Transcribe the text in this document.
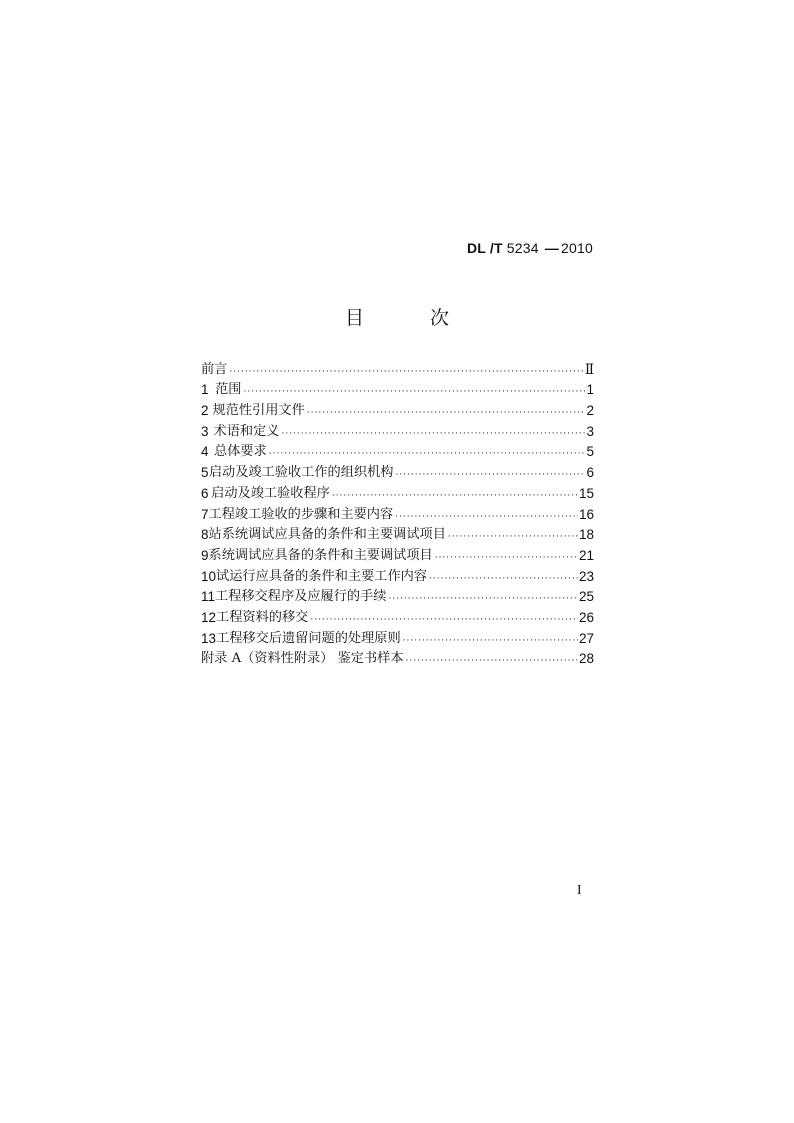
DL /T 5234 — 2010
目 次
前言 ·····	Ⅱ
1 范围 ·····	1
2 规范性引用文件 ·····	2
3 术语和定义 ·····	3
4 总体要求 ·····	5
5 启动及竣工验收工作的组织机构 ·····	6
6 启动及竣工验收程序 ·····	15
7 工程竣工验收的步骤和主要内容 ·····	16
8 站系统调试应具备的条件和主要调试项目 ·····	18
9 系统调试应具备的条件和主要调试项目 ·····	21
10 试运行应具备的条件和主要工作内容 ·····	23
11 工程移交程序及应履行的手续 ·····	25
12 工程资料的移交 ·····	26
13 工程移交后遗留问题的处理原则 ·····	27
附录 A（资料性附录） 鉴定书样本 ·····	28
I
